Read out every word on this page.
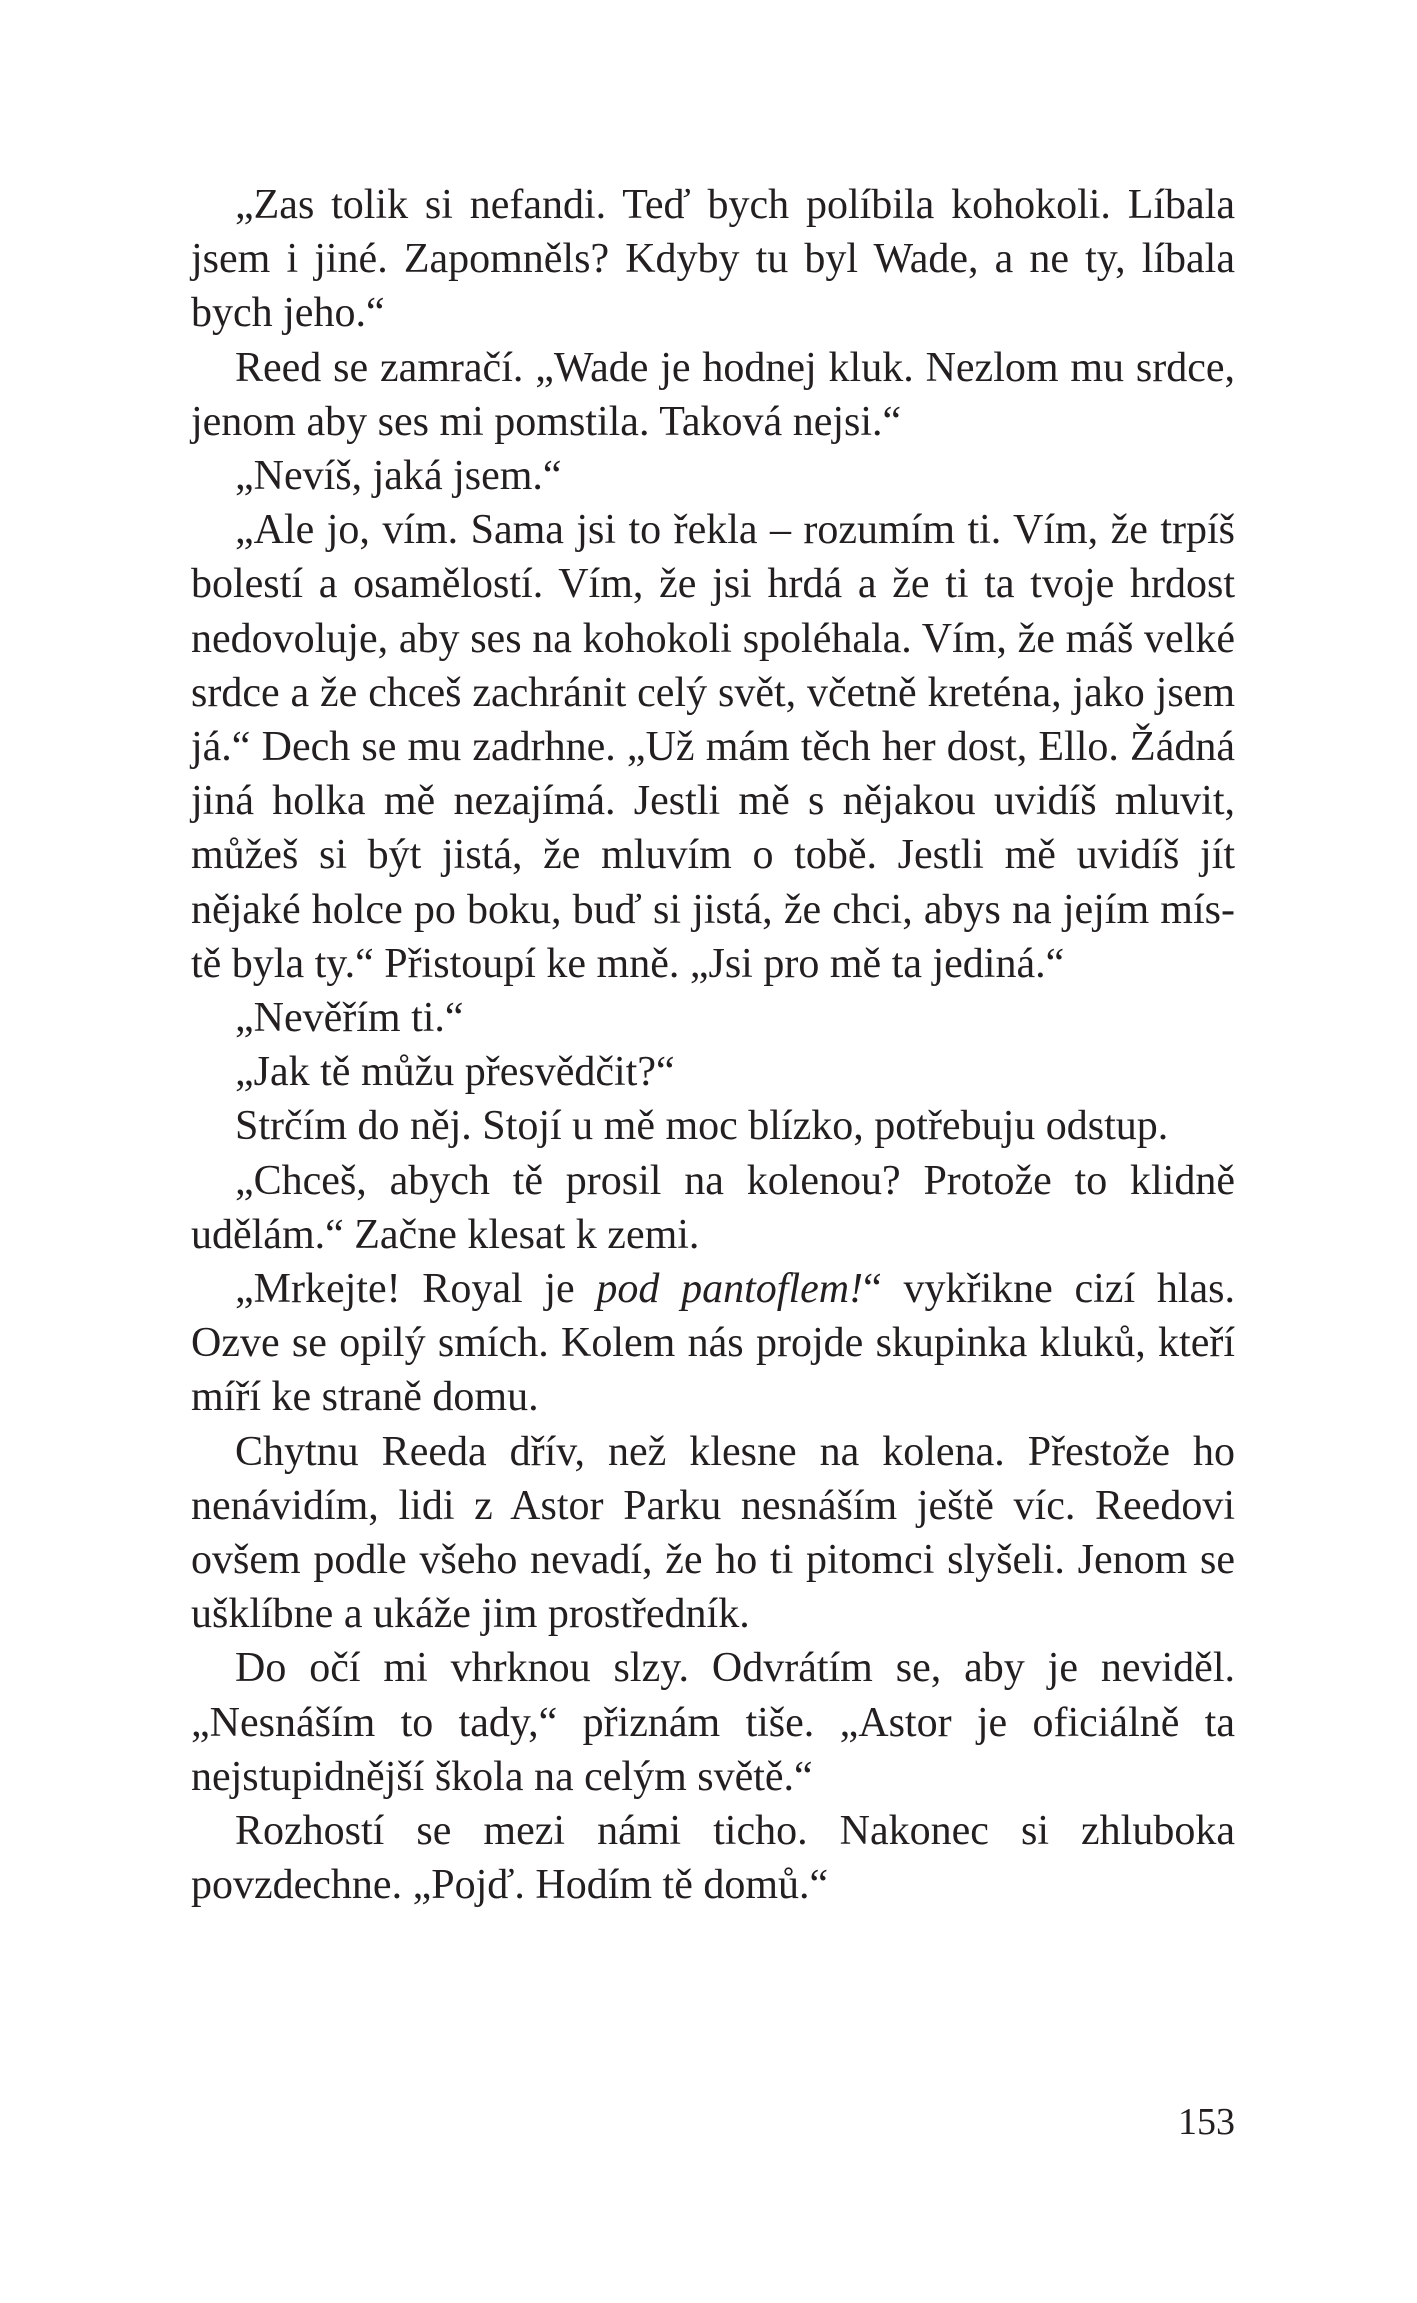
„Zas tolik si nefandi. Teď bych políbila kohokoli. Líbala jsem i jiné. Zapomněls? Kdyby tu byl Wade, a ne ty, líbala bych jeho.“

Reed se zamračí. „Wade je hodnej kluk. Nezlom mu srdce, jenom aby ses mi pomstila. Taková nejsi.“

„Nevíš, jaká jsem.“

„Ale jo, vím. Sama jsi to řekla – rozumím ti. Vím, že trpíš bolestí a osamělostí. Vím, že jsi hrdá a že ti ta tvoje hrdost nedovoluje, aby ses na kohokoli spoléhala. Vím, že máš velké srdce a že chceš zachránit celý svět, včetně kreténa, jako jsem já.“ Dech se mu zadrhne. „Už mám těch her dost, Ello. Žádná jiná holka mě nezajímá. Jestli mě s nějakou uvidíš mluvit, můžeš si být jistá, že mluvím o tobě. Jestli mě uvidíš jít nějaké holce po boku, buď si jistá, že chci, abys na jejím místě byla ty.“ Přistoupí ke mně. „Jsi pro mě ta jediná.“

„Nevěřím ti.“

„Jak tě můžu přesvědčit?“

Strčím do něj. Stojí u mě moc blízko, potřebuju odstup.

„Chceš, abych tě prosil na kolenou? Protože to klidně udělám.“ Začne klesat k zemi.

„Mrkejte! Royal je pod pantoflem!“ vykřikne cizí hlas. Ozve se opilý smích. Kolem nás projde skupinka kluků, kteří míří ke straně domu.

Chytnu Reeda dřív, než klesne na kolena. Přestože ho nenávidím, lidi z Astor Parku nesnáším ještě víc. Reedovi ovšem podle všeho nevadí, že ho ti pitomci slyšeli. Jenom se ušklíbne a ukáže jim prostředník.

Do očí mi vhrknou slzy. Odvrátím se, aby je neviděl. „Nesnáším to tady,“ přiznám tiše. „Astor je oficiálně ta nejstupidnější škola na celým světě.“

Rozhostí se mezi námi ticho. Nakonec si zhluboka povzdechne. „Pojď. Hodím tě domů.“

153
